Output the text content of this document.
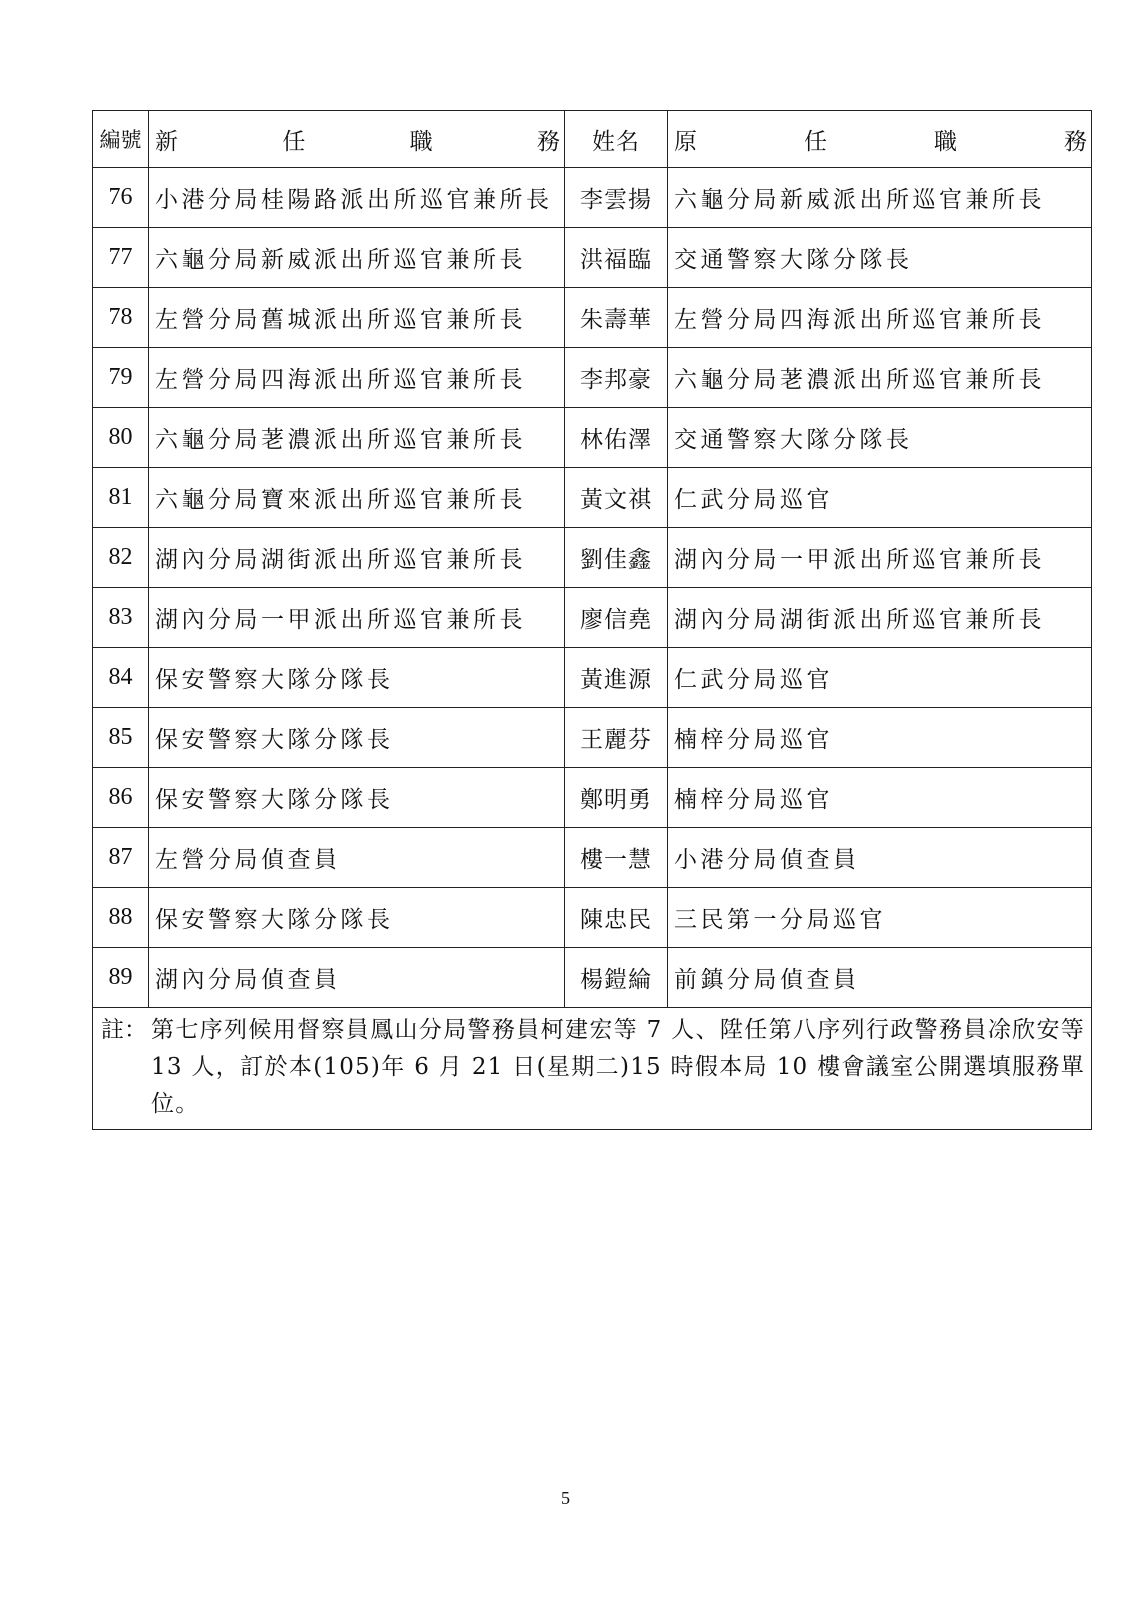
編號	新 任 職 務	姓名	原 任 職 務

76	小港分局桂陽路派出所巡官兼所長	李雲揚	六龜分局新威派出所巡官兼所長
77	六龜分局新威派出所巡官兼所長	洪福臨	交通警察大隊分隊長
78	左營分局舊城派出所巡官兼所長	朱壽華	左營分局四海派出所巡官兼所長
79	左營分局四海派出所巡官兼所長	李邦豪	六龜分局荖濃派出所巡官兼所長
80	六龜分局荖濃派出所巡官兼所長	林佑澤	交通警察大隊分隊長
81	六龜分局寶來派出所巡官兼所長	黃文祺	仁武分局巡官
82	湖內分局湖街派出所巡官兼所長	劉佳鑫	湖內分局一甲派出所巡官兼所長
83	湖內分局一甲派出所巡官兼所長	廖信堯	湖內分局湖街派出所巡官兼所長
84	保安警察大隊分隊長	黃進源	仁武分局巡官
85	保安警察大隊分隊長	王麗芬	楠梓分局巡官
86	保安警察大隊分隊長	鄭明勇	楠梓分局巡官
87	左營分局偵查員	樓一慧	小港分局偵查員
88	保安警察大隊分隊長	陳忠民	三民第一分局巡官
89	湖內分局偵查員	楊鎧綸	前鎮分局偵查員

註： 第七序列候用督察員鳳山分局警務員柯建宏等 7 人、陞任第八序列行政警務員凃欣安等 13 人，訂於本(105)年 6 月 21 日(星期二)15 時假本局 10 樓會議室公開選填服務單位。			
5
